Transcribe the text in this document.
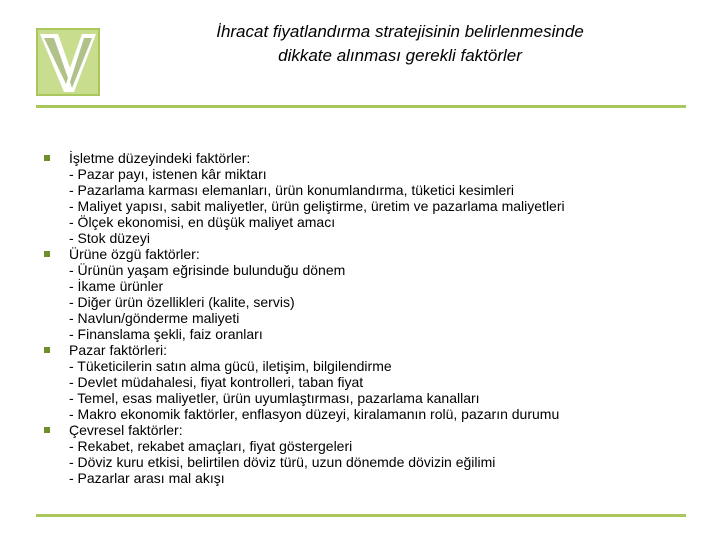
İhracat fiyatlandırma stratejisinin belirlenmesinde
dikkate alınması gerekli faktörler
İşletme düzeyindeki faktörler:
- Pazar payı, istenen kâr miktarı
- Pazarlama karması elemanları, ürün konumlandırma, tüketici kesimleri
- Maliyet yapısı, sabit maliyetler, ürün geliştirme, üretim ve pazarlama maliyetleri
- Ölçek ekonomisi, en düşük maliyet amacı
- Stok düzeyi
Ürüne özgü faktörler:
- Ürünün yaşam eğrisinde bulunduğu dönem
- İkame ürünler
- Diğer ürün özellikleri (kalite, servis)
- Navlun/gönderme maliyeti
- Finanslama şekli, faiz oranları
Pazar faktörleri:
- Tüketicilerin satın alma gücü, iletişim, bilgilendirme
- Devlet müdahalesi, fiyat kontrolleri, taban fiyat
- Temel, esas maliyetler, ürün uyumlaştırması, pazarlama kanalları
- Makro ekonomik faktörler, enflasyon düzeyi, kiralamanın rolü, pazarın durumu
Çevresel faktörler:
- Rekabet, rekabet amaçları, fiyat göstergeleri
- Döviz kuru etkisi, belirtilen döviz türü, uzun dönemde dövizin eğilimi
- Pazarlar arası mal akışı
